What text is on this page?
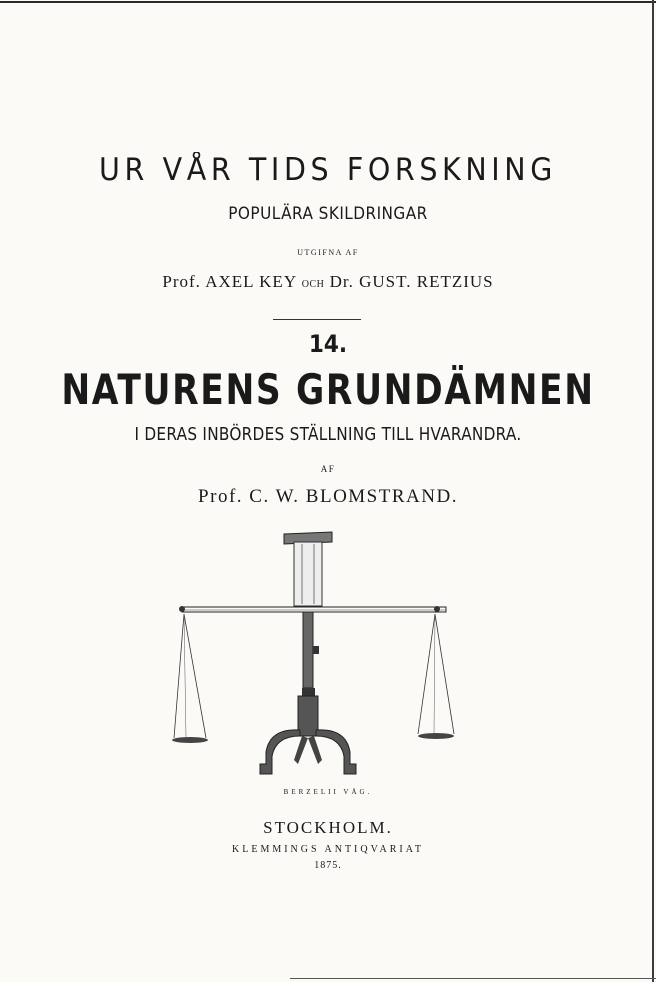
UR VÅR TIDS FORSKNING
POPULÄRA SKILDRINGAR
UTGIFNA AF
Prof. AXEL KEY OCH Dr. GUST. RETZIUS
14.
NATURENS GRUNDÄMNEN
I DERAS INBÖRDES STÄLLNING TILL HVARANDRA.
AF
Prof. C. W. BLOMSTRAND.
BERZELII VÅG.
STOCKHOLM.
KLEMMINGS ANTIQVARIAT
1875.
